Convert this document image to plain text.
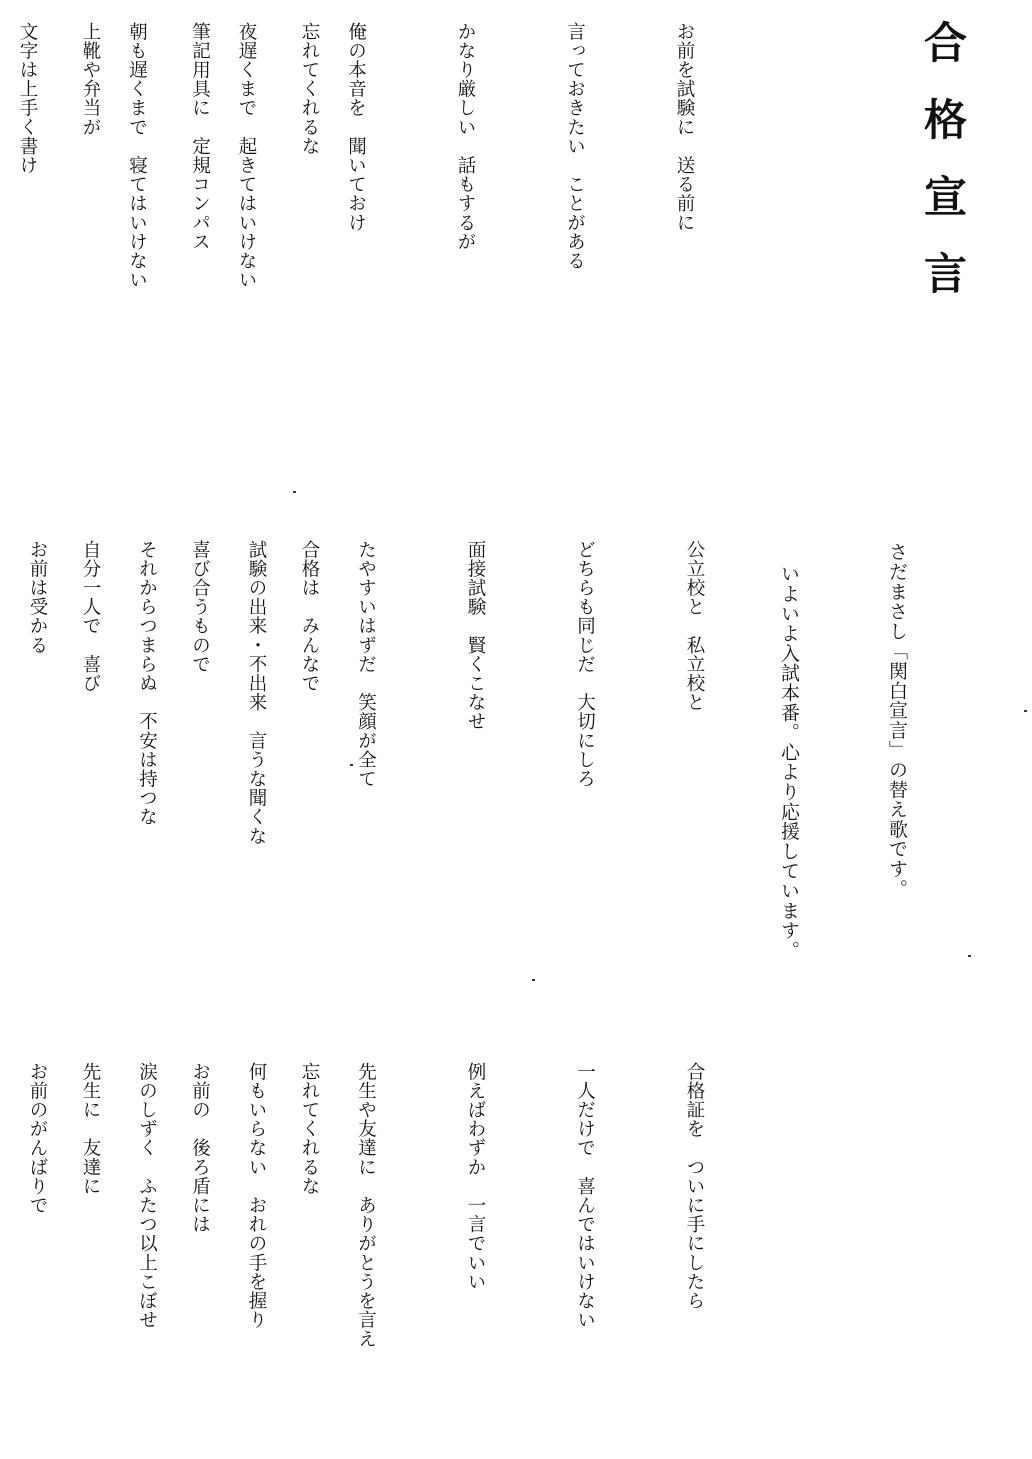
合格宣言

さだまさし「関白宣言」の替え歌です。

いよいよ入試本番。心より応援しています。

お前を試験に　送る前に

言っておきたい　ことがある

かなり厳しい　話もするが

俺の本音を　聞いておけ

夜遅くまで　起きてはいけない

朝も遅くまで　寝てはいけない

文字は上手く書け

	忘れてくれるな

筆記用具に　定規コンパス

上靴や弁当が

公立校と　私立校と

どちらも同じだ　大切にしろ

面接試験　賢くこなせ

たやすいはずだ　笑顔が全て

試験の出来・不出来　言うな聞くな

それからつまらぬ　不安は持つな

お前は受かる

	合格は　みんなで

喜び合うもので

自分一人で　喜び

合格証を　ついに手にしたら

一人だけで　喜んではいけない

例えばわずか　一言でいい

先生や友達に　ありがとうを言え

何もいらない　おれの手を握り

涙のしずく　ふたつ以上こぼせ

お前のがんばりで

	忘れてくれるな

お前の　後ろ盾には

先生に　友達に
